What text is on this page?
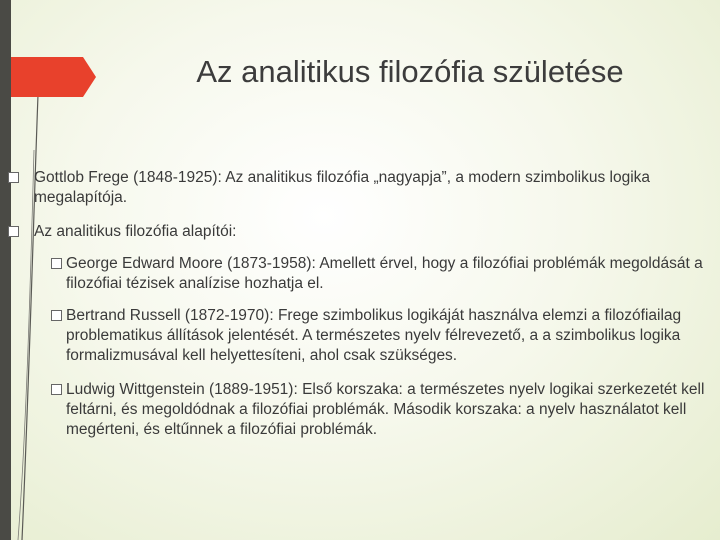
Az analitikus filozófia születése
Gottlob Frege (1848-1925): Az analitikus filozófia „nagyapja”, a modern szimbolikus logika megalapítója.
Az analitikus filozófia alapítói:
George Edward Moore (1873-1958): Amellett érvel, hogy a filozófiai problémák megoldását a filozófiai tézisek analízise hozhatja el.
Bertrand Russell (1872-1970): Frege szimbolikus logikáját használva elemzi a filozófiailag problematikus állítások jelentését. A természetes nyelv félrevezető, a a szimbolikus logika formalizmusával kell helyettesíteni, ahol csak szükséges.
Ludwig Wittgenstein (1889-1951): Első korszaka: a természetes nyelv logikai szerkezetét kell feltárni, és megoldódnak a filozófiai problémák. Második korszaka: a nyelv használatot kell megérteni, és eltűnnek a filozófiai problémák.
